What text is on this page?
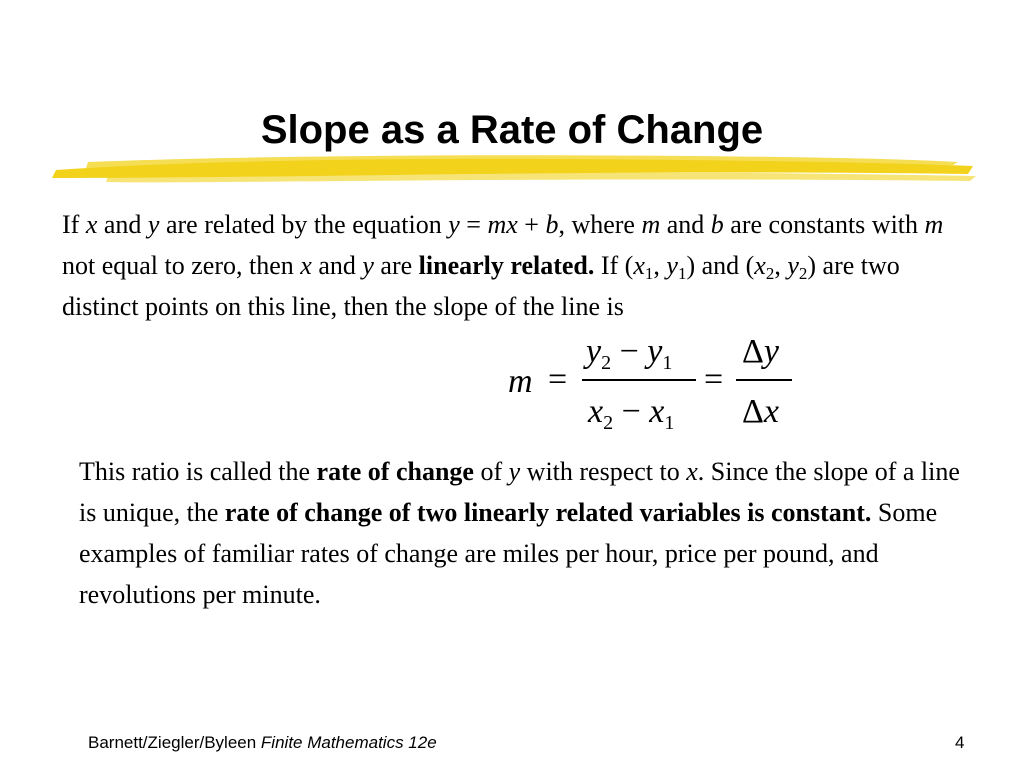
Slope as a Rate of Change

If x and y are related by the equation y = mx + b, where m and b are constants with m not equal to zero, then x and y are linearly related. If ($x_1$, $y_1$) and ($x_2$, $y_2$) are two distinct points on this line, then the slope of the line is

m =
$y_2 - y_1$
$x_2 - x_1$
=
Δy
Δx

This ratio is called the rate of change of y with respect to x. Since the slope of a line is unique, the rate of change of two linearly related variables is constant. Some examples of familiar rates of change are miles per hour, price per pound, and revolutions per minute.

Barnett/Ziegler/Byleen Finite Mathematics 12e	4
